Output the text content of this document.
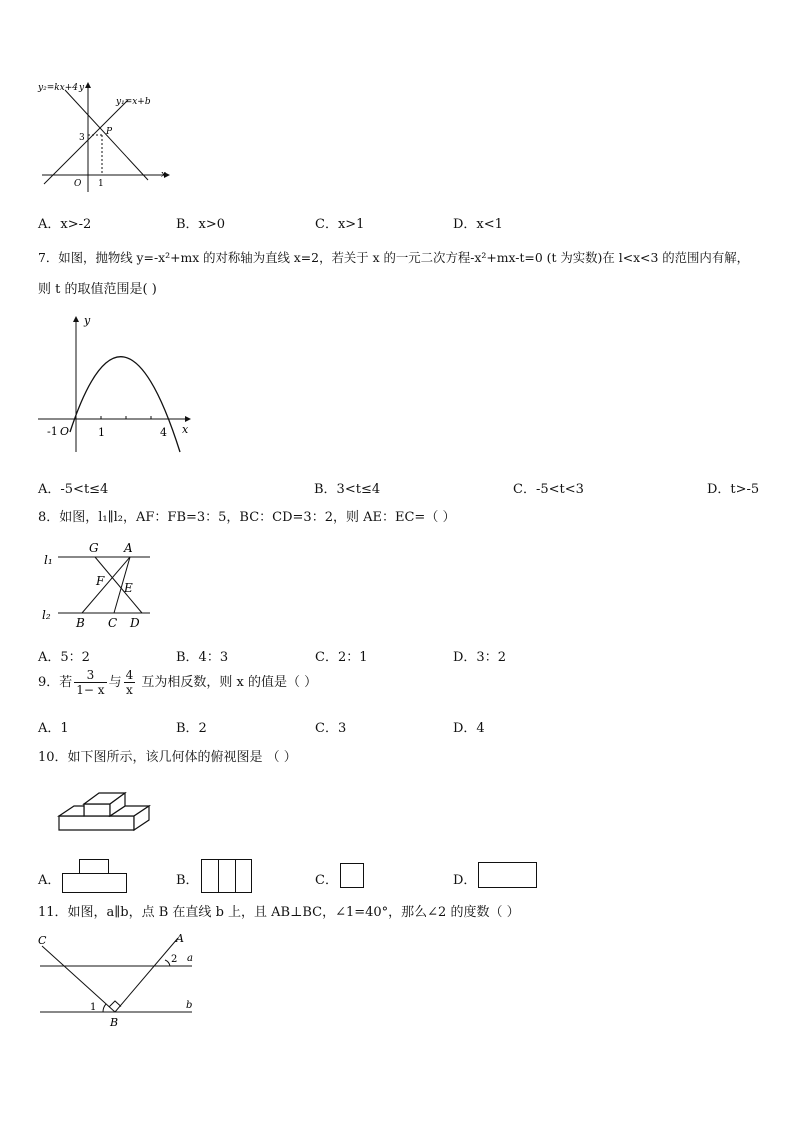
y₂=kx+4 y
y₁=x+b
P
3
O 1
x
A．x>-2	B．x>0	C．x>1	D．x<1
7．如图，抛物线 y=-x²+mx 的对称轴为直线 x=2，若关于 x 的一元二次方程-x²+mx-t=0 (t 为实数)在 l<x<3 的范围内有解，
则 t 的取值范围是( )
y
-1 O	1	4 x
A．-5<t≤4	B．3<t≤4	C．-5<t<3	D．t>-5
8．如图，l₁∥l₂，AF：FB=3：5，BC：CD=3：2，则 AE：EC=（ ）
G A
l₁
F E
l₂
B C D
A．5：2	B．4：3	C．2：1	D．3：2
9．若 $\frac{3}{1- x}$ 与 $\frac{4}{x}$ 互为相反数，则 x 的值是（ ）
A．1	B．2	C．3	D．4
10．如下图所示，该几何体的俯视图是 （ ）
A．	B．	C．	D．
11．如图，a∥b，点 B 在直线 b 上，且 AB⊥BC，∠1=40°，那么∠2 的度数（ ）
C	A
2 a
1	b
B
